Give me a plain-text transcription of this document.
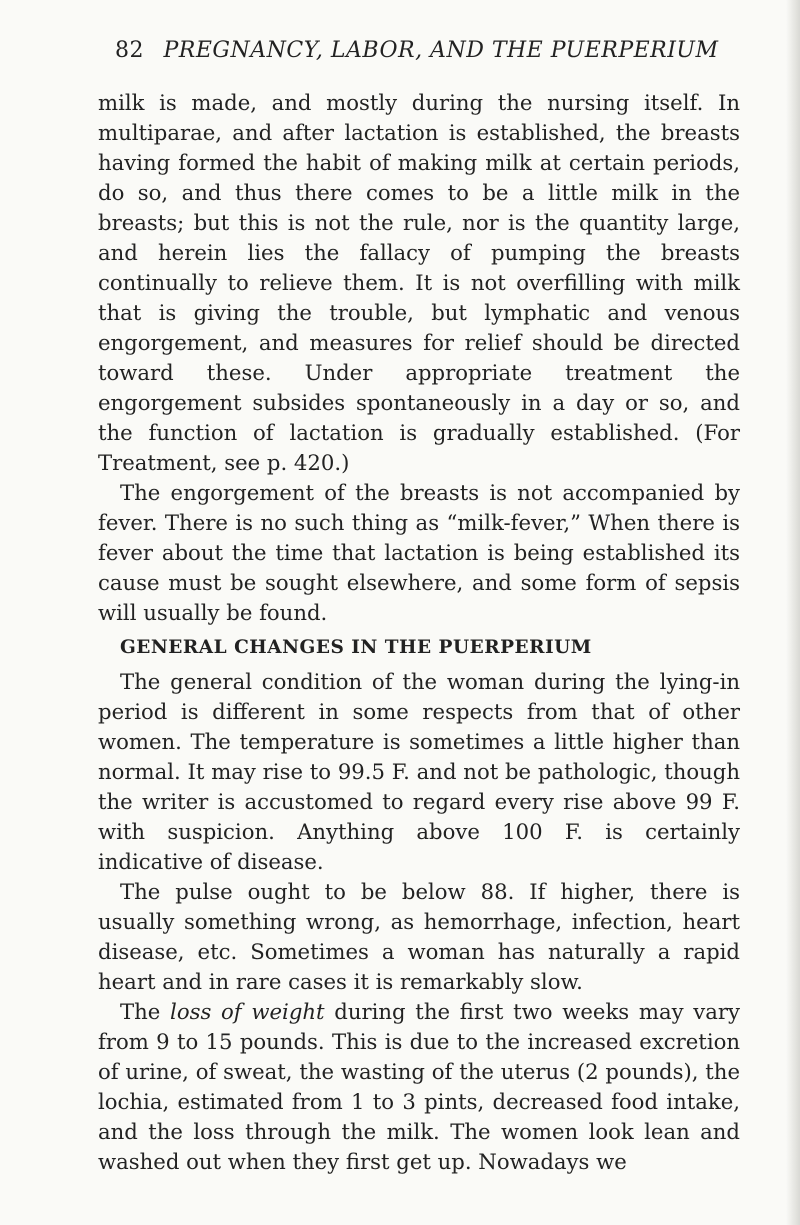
82 PREGNANCY, LABOR, AND THE PUERPERIUM

milk is made, and mostly during the nursing itself. In multiparae, and after lactation is established, the breasts having formed the habit of making milk at certain periods, do so, and thus there comes to be a little milk in the breasts; but this is not the rule, nor is the quantity large, and herein lies the fallacy of pumping the breasts continually to relieve them. It is not overfilling with milk that is giving the trouble, but lymphatic and venous engorgement, and measures for relief should be directed toward these. Under appropriate treatment the engorgement subsides spontaneously in a day or so, and the function of lactation is gradually established. (For Treatment, see p. 420.)

The engorgement of the breasts is not accompanied by fever. There is no such thing as “milk-fever,” When there is fever about the time that lactation is being established its cause must be sought elsewhere, and some form of sepsis will usually be found.

GENERAL CHANGES IN THE PUERPERIUM

The general condition of the woman during the lying-in period is different in some respects from that of other women. The temperature is sometimes a little higher than normal. It may rise to 99.5 F. and not be pathologic, though the writer is accustomed to regard every rise above 99 F. with suspicion. Anything above 100 F. is certainly indicative of disease.

The pulse ought to be below 88. If higher, there is usually something wrong, as hemorrhage, infection, heart disease, etc. Sometimes a woman has naturally a rapid heart and in rare cases it is remarkably slow.

The loss of weight during the first two weeks may vary from 9 to 15 pounds. This is due to the increased excretion of urine, of sweat, the wasting of the uterus (2 pounds), the lochia, estimated from 1 to 3 pints, decreased food intake, and the loss through the milk. The women look lean and washed out when they first get up. Nowadays we
